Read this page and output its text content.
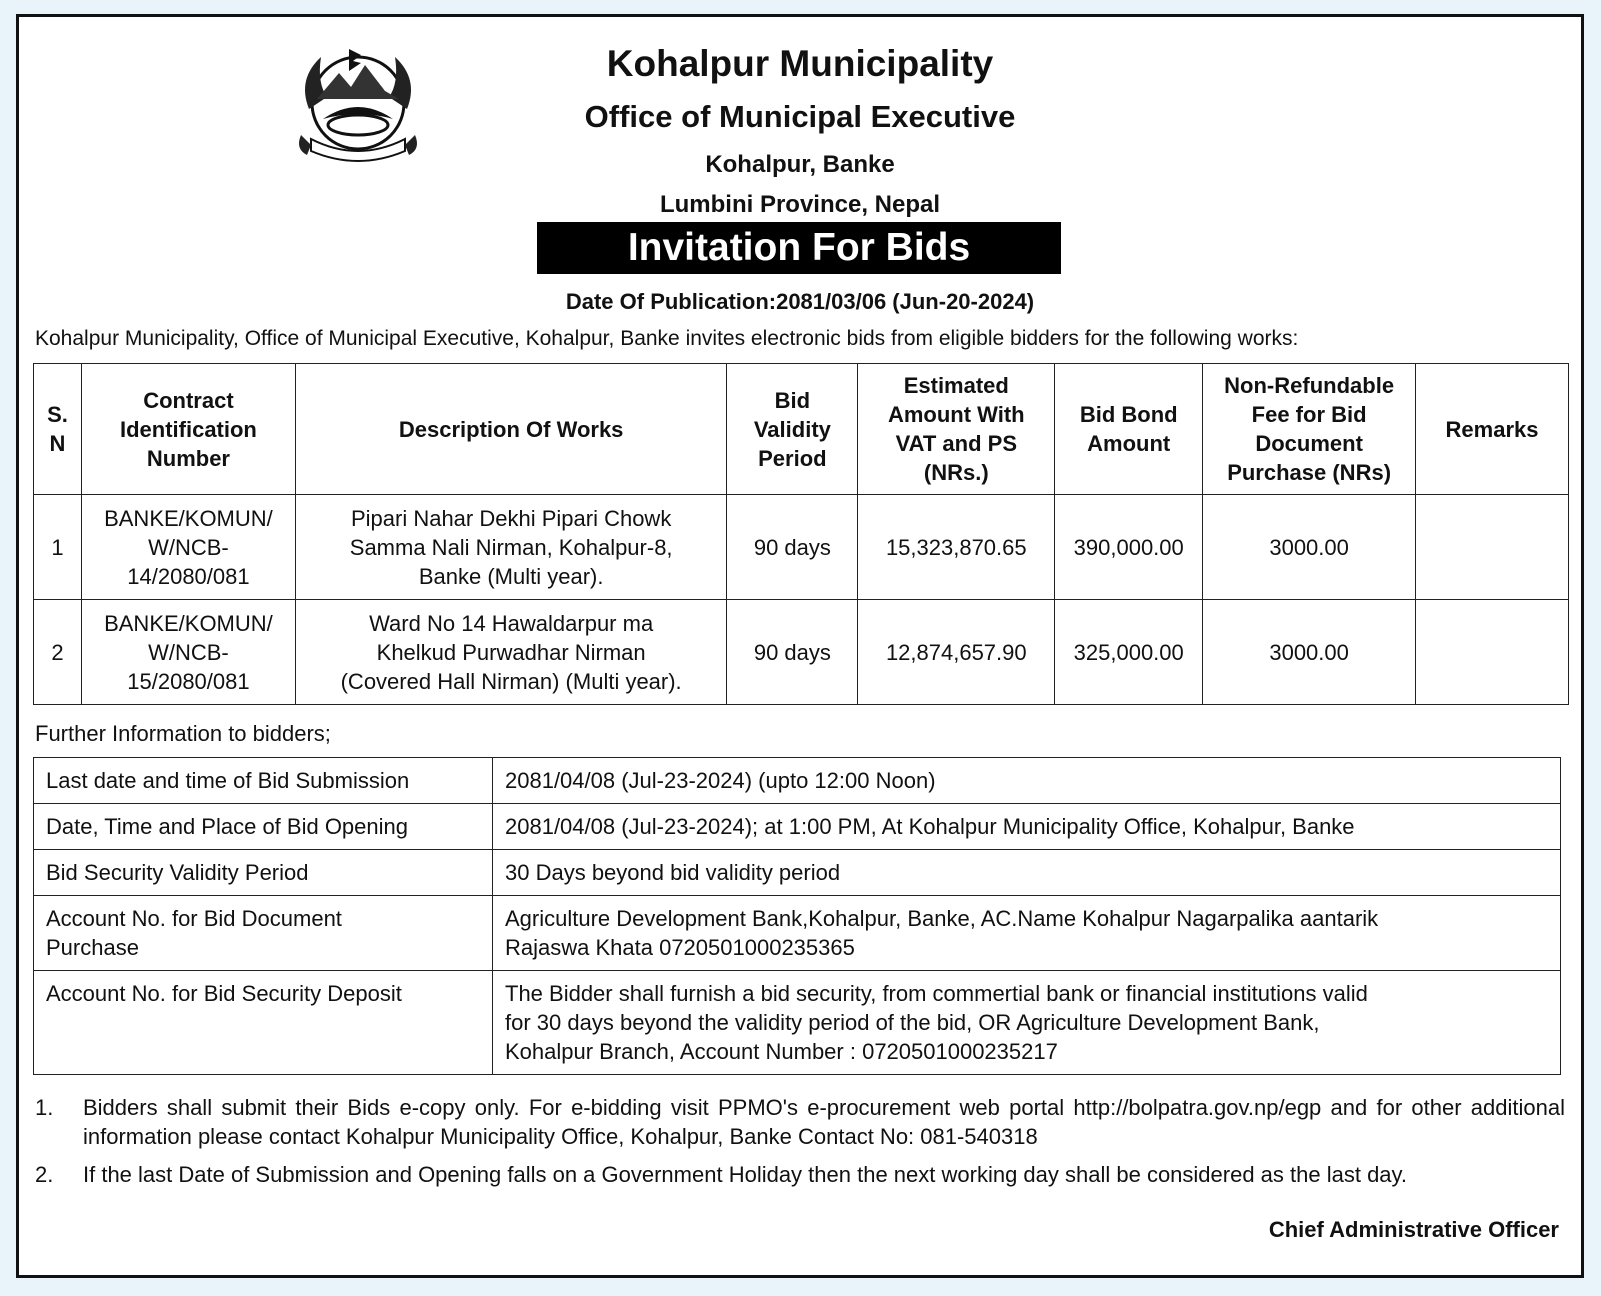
Kohalpur Municipality
Office of Municipal Executive
Kohalpur, Banke
Lumbini Province, Nepal
Invitation For Bids
Date Of Publication:2081/03/06 (Jun-20-2024)
Kohalpur Municipality, Office of Municipal Executive, Kohalpur, Banke invites electronic bids from eligible bidders for the following works:
S.
N	Contract
Identification
Number	Description Of Works	Bid
Validity
Period	Estimated
Amount With
VAT and PS
(NRs.)	Bid Bond
Amount	Non-Refundable
Fee for Bid
Document
Purchase (NRs)	Remarks
1	BANKE/KOMUN/
W/NCB-
14/2080/081	Pipari Nahar Dekhi Pipari Chowk
Samma Nali Nirman, Kohalpur-8,
Banke (Multi year).	90 days	15,323,870.65	390,000.00	3000.00	
2	BANKE/KOMUN/
W/NCB-
15/2080/081	Ward No 14 Hawaldarpur ma
Khelkud Purwadhar Nirman
(Covered Hall Nirman) (Multi year).	90 days	12,874,657.90	325,000.00	3000.00	
Further Information to bidders;
Last date and time of Bid Submission	2081/04/08 (Jul-23-2024) (upto 12:00 Noon)
Date, Time and Place of Bid Opening	2081/04/08 (Jul-23-2024); at 1:00 PM, At Kohalpur Municipality Office, Kohalpur, Banke
Bid Security Validity Period	30 Days beyond bid validity period
Account No. for Bid Document
Purchase	Agriculture Development Bank,Kohalpur, Banke, AC.Name Kohalpur Nagarpalika aantarik
Rajaswa Khata 0720501000235365
Account No. for Bid Security Deposit	The Bidder shall furnish a bid security, from commertial bank or financial institutions valid
for 30 days beyond the validity period of the bid, OR Agriculture Development Bank,
Kohalpur Branch, Account Number : 0720501000235217
1.	Bidders shall submit their Bids e-copy only. For e-bidding visit PPMO's e-procurement web portal http://bolpatra.gov.np/egp and for other additional information please contact Kohalpur Municipality Office, Kohalpur, Banke Contact No: 081-540318
2.	If the last Date of Submission and Opening falls on a Government Holiday then the next working day shall be considered as the last day.
Chief Administrative Officer
